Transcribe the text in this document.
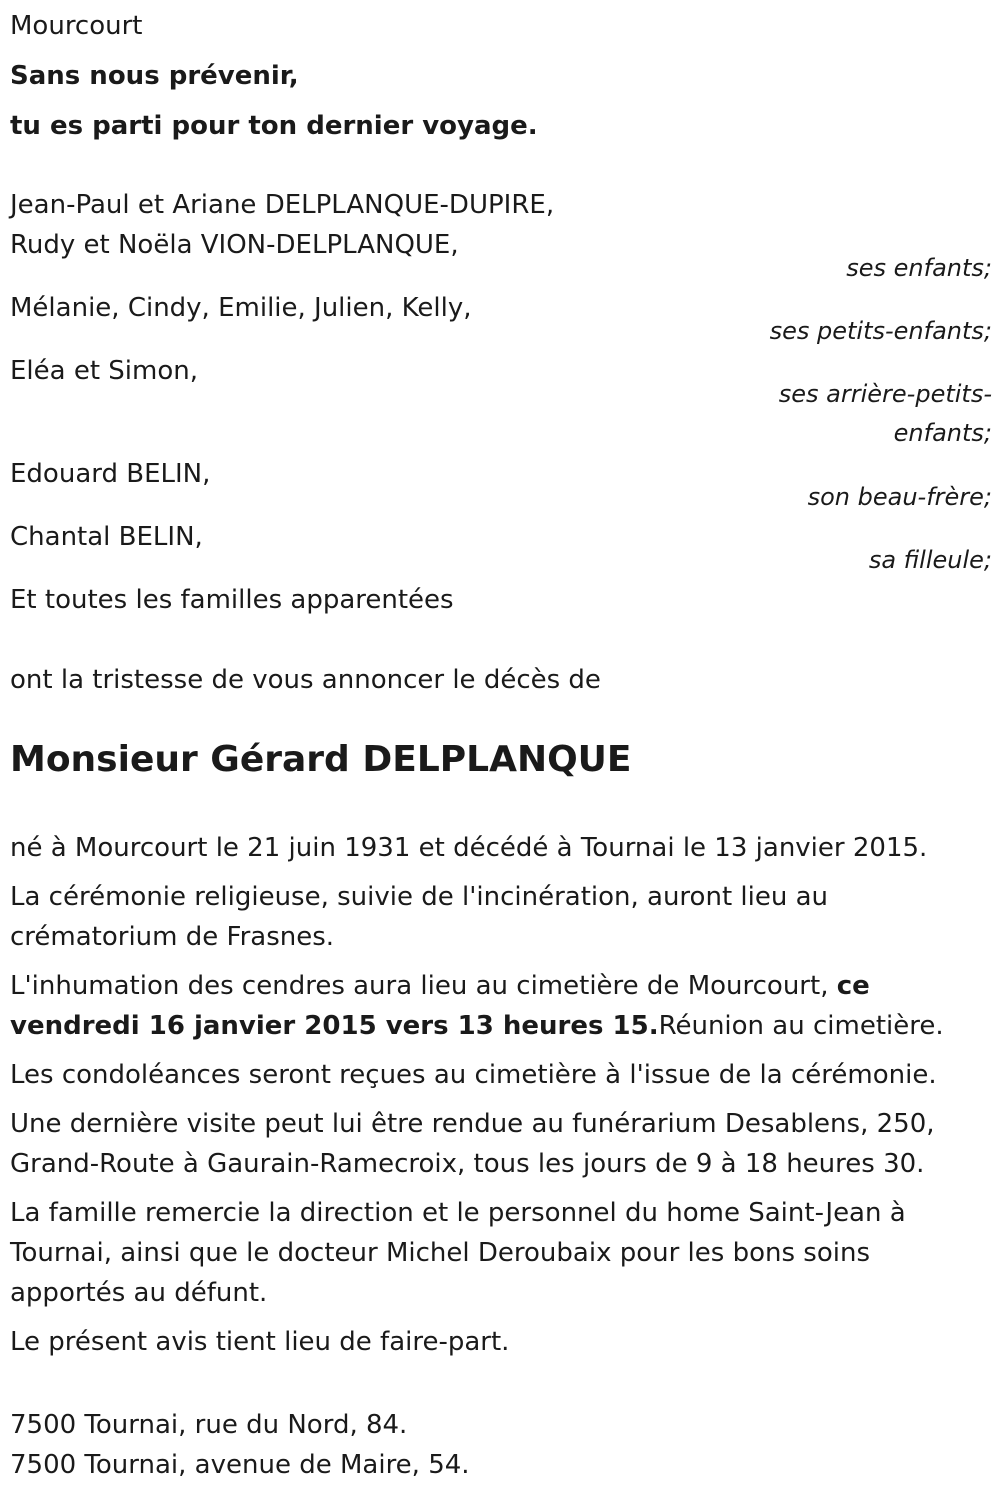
Mourcourt
Sans nous prévenir,
tu es parti pour ton dernier voyage.
Jean-Paul et Ariane DELPLANQUE-DUPIRE,
Rudy et Noëla VION-DELPLANQUE,
ses enfants;
Mélanie, Cindy, Emilie, Julien, Kelly,
ses petits-enfants;
Eléa et Simon,
ses arrière-petits-
enfants;
Edouard BELIN,
son beau-frère;
Chantal BELIN,
sa filleule;
Et toutes les familles apparentées
ont la tristesse de vous annoncer le décès de
Monsieur Gérard DELPLANQUE
né à Mourcourt le 21 juin 1931 et décédé à Tournai le 13 janvier 2015.
La cérémonie religieuse, suivie de l'incinération, auront lieu au crématorium de Frasnes.
L'inhumation des cendres aura lieu au cimetière de Mourcourt, ce vendredi 16 janvier 2015 vers 13 heures 15.Réunion au cimetière.
Les condoléances seront reçues au cimetière à l'issue de la cérémonie.
Une dernière visite peut lui être rendue au funérarium Desablens, 250, Grand-Route à Gaurain-Ramecroix, tous les jours de 9 à 18 heures 30.
La famille remercie la direction et le personnel du home Saint-Jean à Tournai, ainsi que le docteur Michel Deroubaix pour les bons soins apportés au défunt.
Le présent avis tient lieu de faire-part.
7500 Tournai, rue du Nord, 84.
7500 Tournai, avenue de Maire, 54.
